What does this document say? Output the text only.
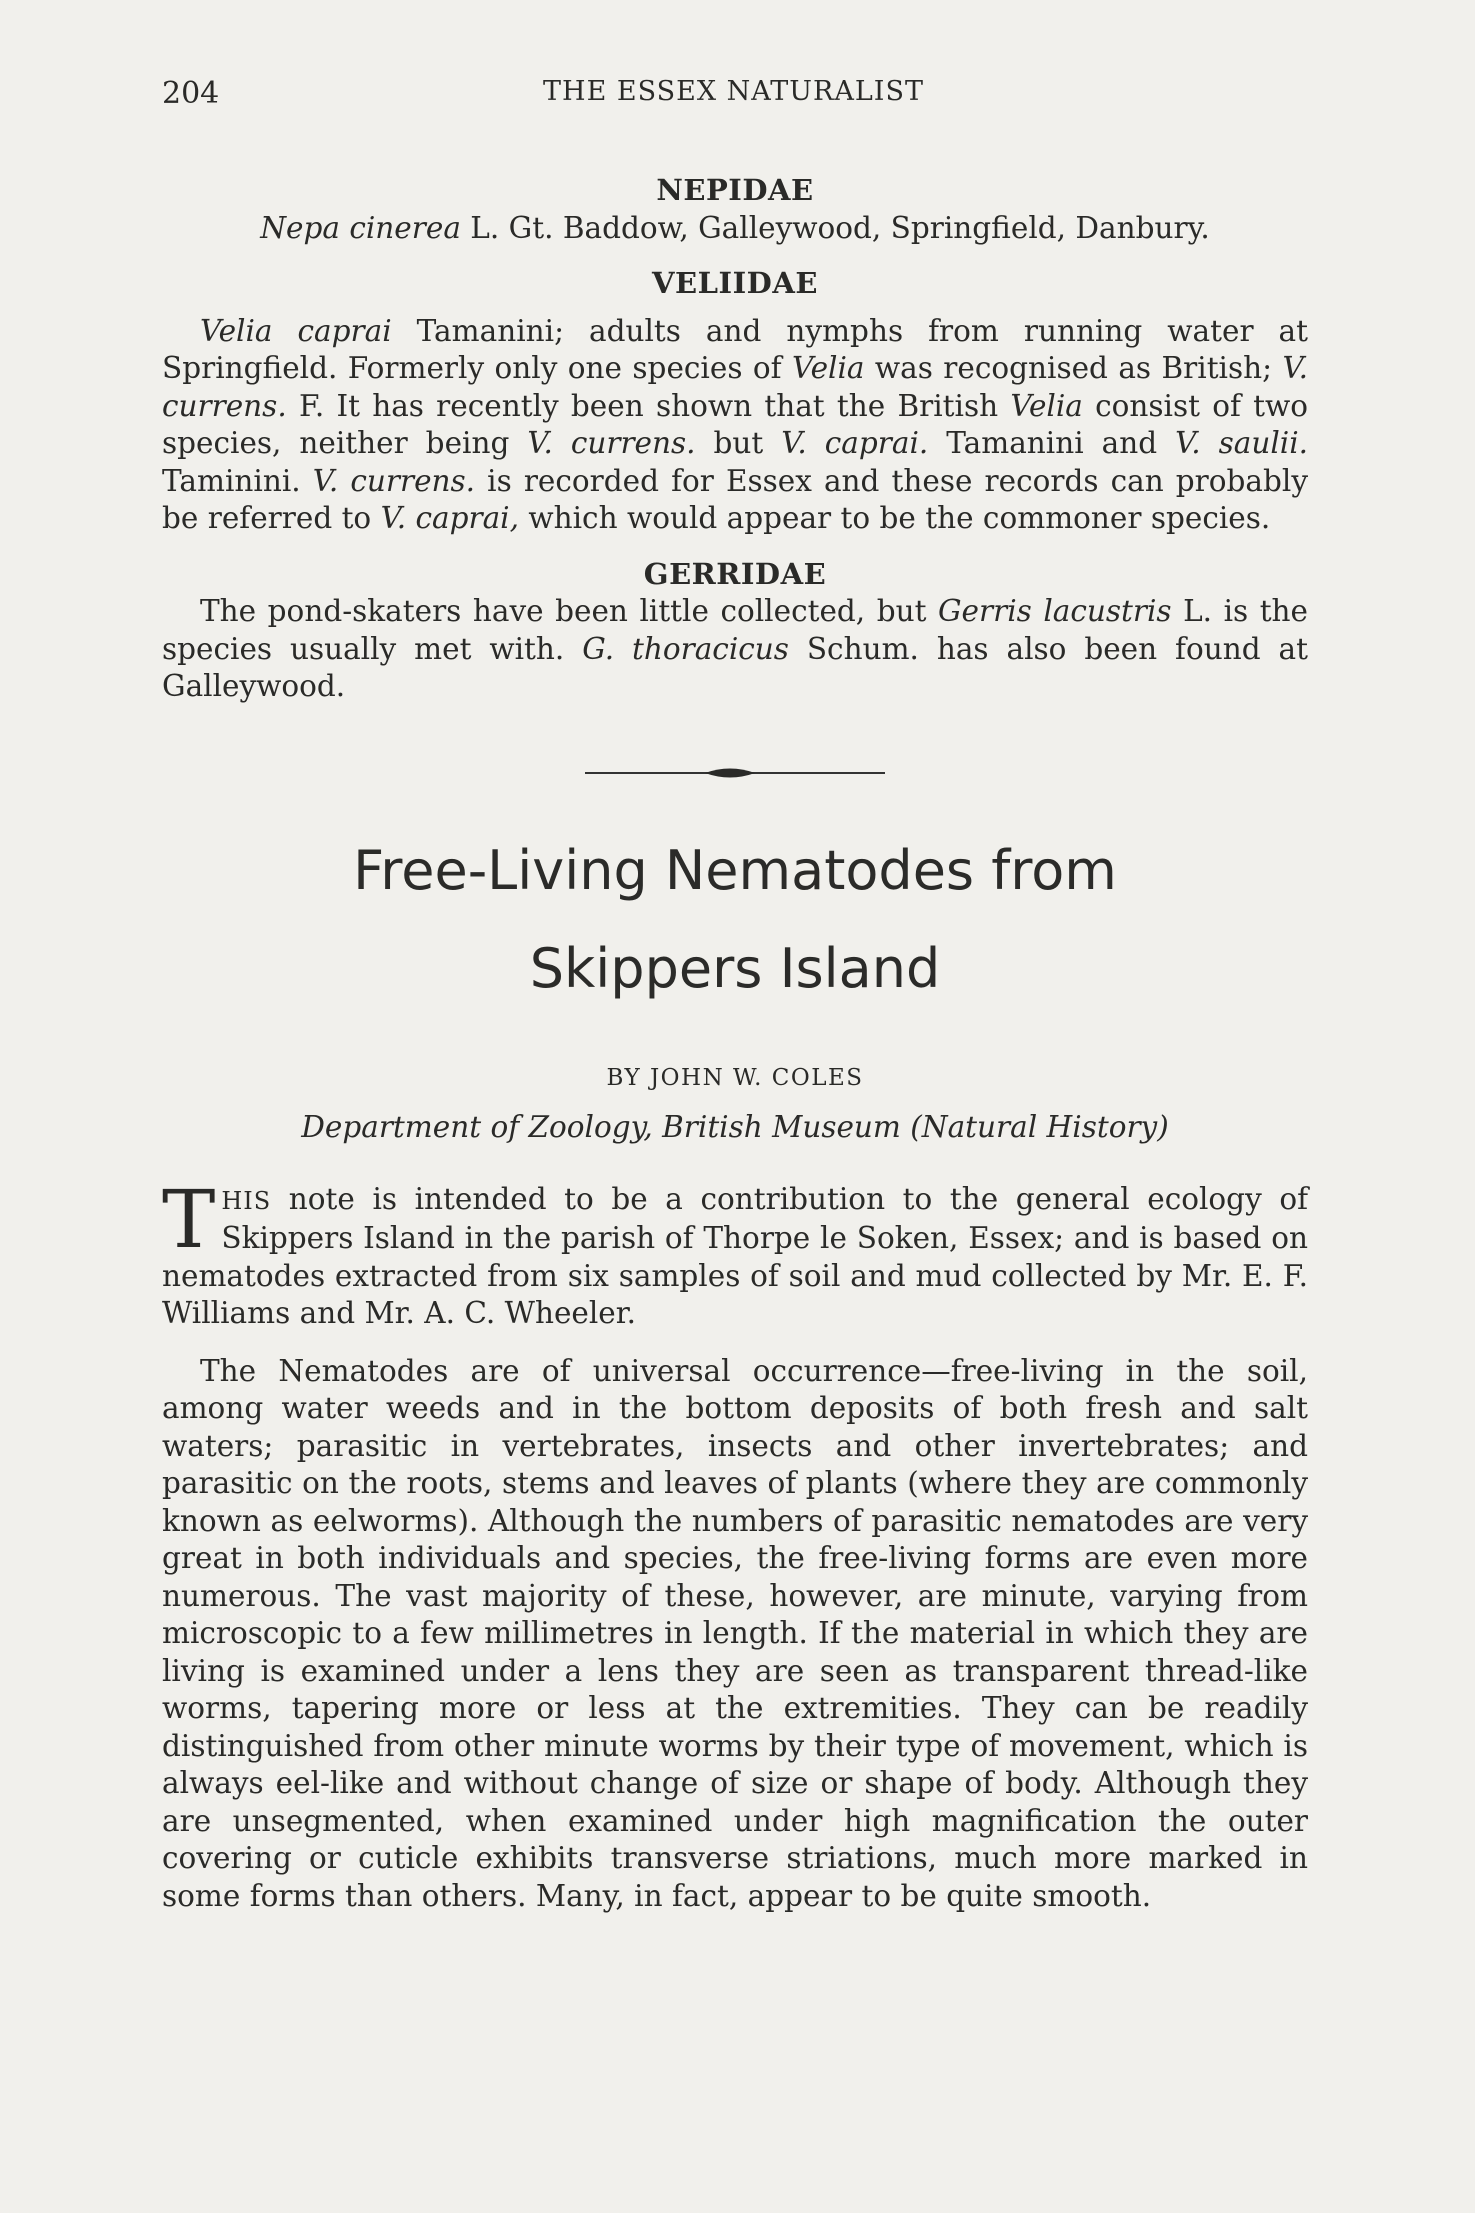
204	THE ESSEX NATURALIST
NEPIDAE

Nepa cinerea L. Gt. Baddow, Galleywood, Springfield, Danbury.

VELIIDAE

Velia caprai Tamanini; adults and nymphs from running water at Springfield. Formerly only one species of Velia was recognised as British; V. currens. F. It has recently been shown that the British Velia consist of two species, neither being V. currens. but V. caprai. Tamanini and V. saulii. Taminini. V. currens. is recorded for Essex and these records can probably be referred to V. caprai, which would appear to be the commoner species.

GERRIDAE

The pond-skaters have been little collected, but Gerris lacustris L. is the species usually met with. G. thoracicus Schum. has also been found at Galleywood.

Free-Living Nematodes from
Skippers Island

BY JOHN W. COLES

Department of Zoology, British Museum (Natural History)

THIS note is intended to be a contribution to the general ecology of Skippers Island in the parish of Thorpe le Soken, Essex; and is based on nematodes extracted from six samples of soil and mud collected by Mr. E. F. Williams and Mr. A. C. Wheeler.

The Nematodes are of universal occurrence—free-living in the soil, among water weeds and in the bottom deposits of both fresh and salt waters; parasitic in vertebrates, insects and other invertebrates; and parasitic on the roots, stems and leaves of plants (where they are commonly known as eelworms). Although the numbers of parasitic nematodes are very great in both individuals and species, the free-living forms are even more numerous. The vast majority of these, however, are minute, varying from microscopic to a few millimetres in length. If the material in which they are living is examined under a lens they are seen as transparent thread-like worms, tapering more or less at the extremities. They can be readily distinguished from other minute worms by their type of movement, which is always eel-like and without change of size or shape of body. Although they are unsegmented, when examined under high magnification the outer covering or cuticle exhibits transverse striations, much more marked in some forms than others. Many, in fact, appear to be quite smooth.
